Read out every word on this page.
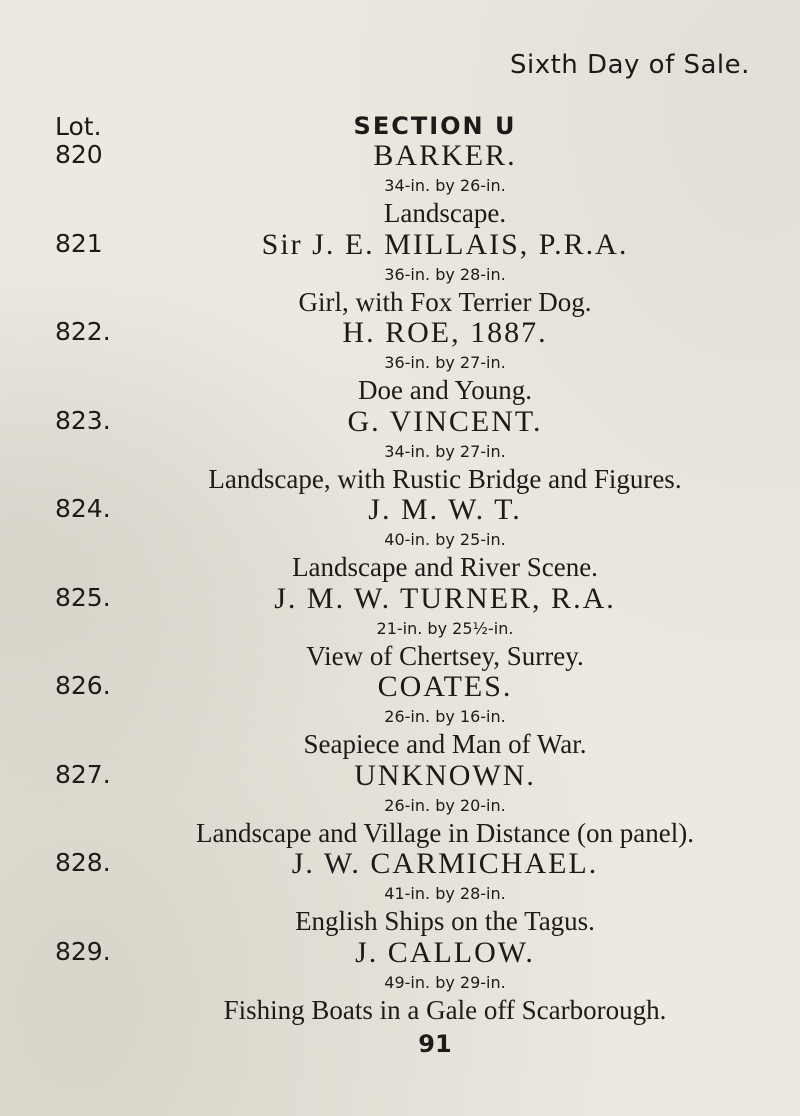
Sixth Day of Sale.
Lot.	SECTION U
820	BARKER.
34-in. by 26-in.
Landscape.
821	Sir J. E. MILLAIS, P.R.A.
36-in. by 28-in.
Girl, with Fox Terrier Dog.
822.	H. ROE, 1887.
36-in. by 27-in.
Doe and Young.
823.	G. VINCENT.
34-in. by 27-in.
Landscape, with Rustic Bridge and Figures.
824.	J. M. W. T.
40-in. by 25-in.
Landscape and River Scene.
825.	J. M. W. TURNER, R.A.
21-in. by 25½-in.
View of Chertsey, Surrey.
826.	COATES.
26-in. by 16-in.
Seapiece and Man of War.
827.	UNKNOWN.
26-in. by 20-in.
Landscape and Village in Distance (on panel).
828.	J. W. CARMICHAEL.
41-in. by 28-in.
English Ships on the Tagus.
829.	J. CALLOW.
49-in. by 29-in.
Fishing Boats in a Gale off Scarborough.
91
